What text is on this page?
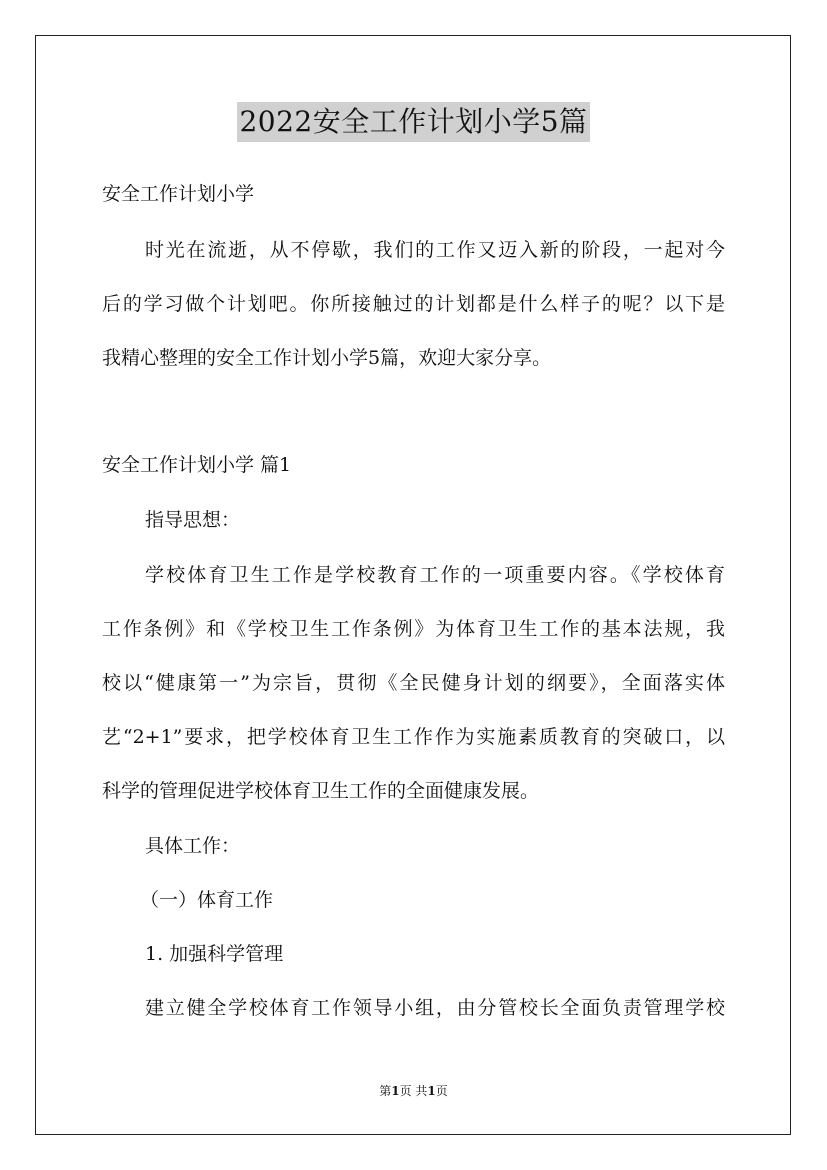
2022安全工作计划小学5篇
安全工作计划小学
时光在流逝，从不停歇，我们的工作又迈入新的阶段，一起对今
后的学习做个计划吧。你所接触过的计划都是什么样子的呢？以下是
我精心整理的安全工作计划小学5篇，欢迎大家分享。
安全工作计划小学 篇1
指导思想：
学校体育卫生工作是学校教育工作的一项重要内容。《学校体育
工作条例》和《学校卫生工作条例》为体育卫生工作的基本法规，我
校以“健康第一”为宗旨，贯彻《全民健身计划的纲要》，全面落实体
艺“2+1”要求，把学校体育卫生工作作为实施素质教育的突破口，以
科学的管理促进学校体育卫生工作的全面健康发展。
具体工作：
（一）体育工作
1. 加强科学管理
建立健全学校体育工作领导小组，由分管校长全面负责管理学校
第1页 共1页
